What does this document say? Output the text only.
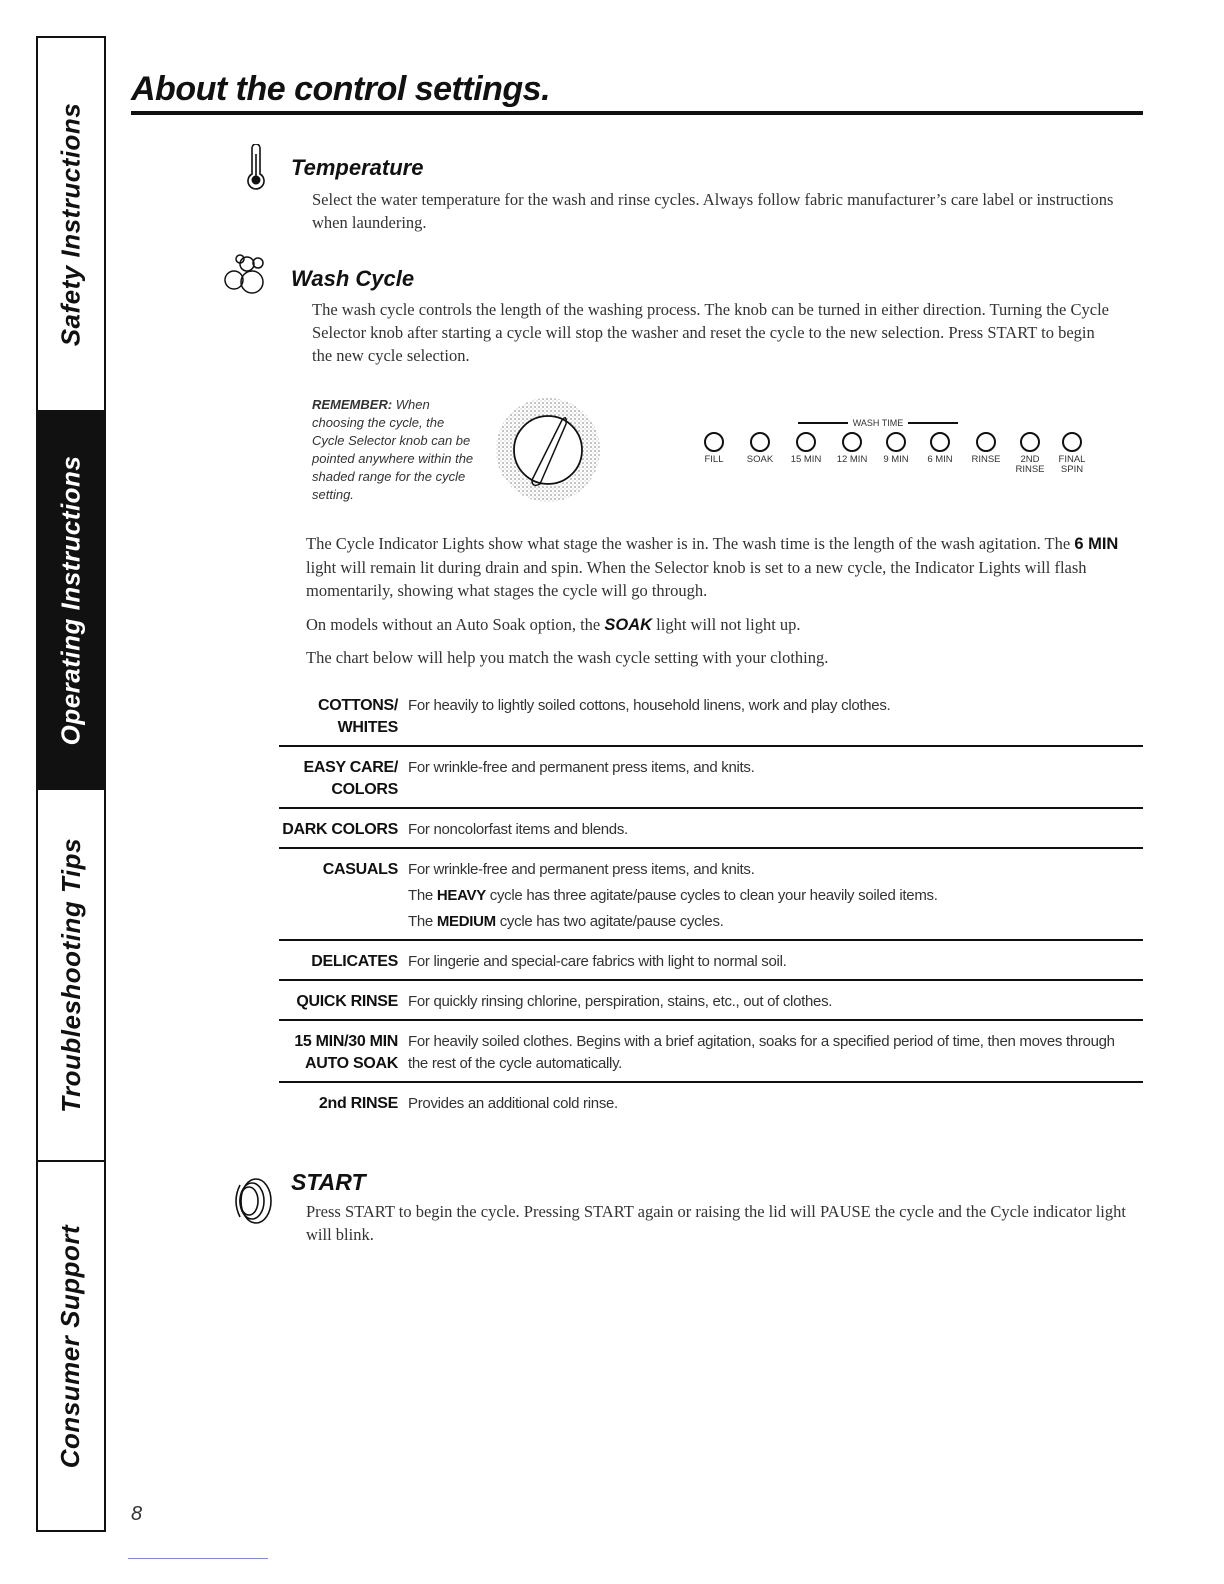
Safety Instructions
Operating Instructions
Troubleshooting Tips
Consumer Support
About the control settings.
Temperature

Select the water temperature for the wash and rinse cycles. Always follow fabric manufacturer’s care label or instructions when laundering.

Wash Cycle

The wash cycle controls the length of the washing process. The knob can be turned in either direction. Turning the Cycle Selector knob after starting a cycle will stop the washer and reset the cycle to the new selection. Press START to begin the new cycle selection.

REMEMBER: When choosing the cycle, the Cycle Selector knob can be pointed anywhere within the shaded range for the cycle setting.

WASH TIME
FILL	SOAK	15 MIN	12 MIN	9 MIN	6 MIN	RINSE	2ND
RINSE
FINAL
SPIN

The Cycle Indicator Lights show what stage the washer is in. The wash time is the length of the wash agitation. The 6 MIN light will remain lit during drain and spin. When the Selector knob is set to a new cycle, the Indicator Lights will flash momentarily, showing what stages the cycle will go through.

On models without an Auto Soak option, the SOAK light will not light up.

The chart below will help you match the wash cycle setting with your clothing.

COTTONS/
WHITES
For heavily to lightly soiled cottons, household linens, work and play clothes.
EASY CARE/
COLORS
For wrinkle-free and permanent press items, and knits.
DARK COLORS For noncolorfast items and blends.
CASUALS For wrinkle-free and permanent press items, and knits.
The HEAVY cycle has three agitate/pause cycles to clean your heavily soiled items.
The MEDIUM cycle has two agitate/pause cycles.
DELICATES For lingerie and special-care fabrics with light to normal soil.
QUICK RINSE For quickly rinsing chlorine, perspiration, stains, etc., out of clothes.
15 MIN/30 MIN
AUTO SOAK
For heavily soiled clothes. Begins with a brief agitation, soaks for a specified period of time, then moves through the rest of the cycle automatically.
2nd RINSE Provides an additional cold rinse.
START

Press START to begin the cycle. Pressing START again or raising the lid will PAUSE the cycle and the Cycle indicator light will blink.

8
